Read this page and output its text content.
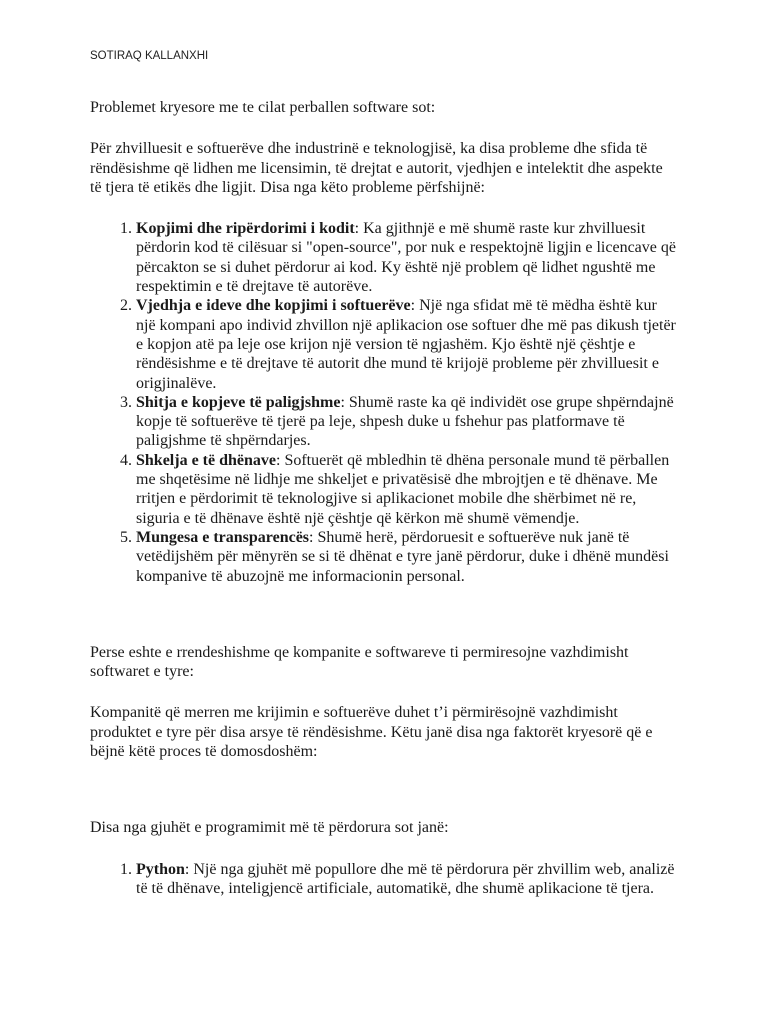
SOTIRAQ KALLANXHI

Problemet kryesore me te cilat perballen software sot:

Për zhvilluesit e softuerëve dhe industrinë e teknologjisë, ka disa probleme dhe sfida të rëndësishme që lidhen me licensimin, të drejtat e autorit, vjedhjen e intelektit dhe aspekte të tjera të etikës dhe ligjit. Disa nga këto probleme përfshijnë:

1. Kopjimi dhe ripërdorimi i kodit: Ka gjithnjë e më shumë raste kur zhvilluesit përdorin kod të cilësuar si "open-source", por nuk e respektojnë ligjin e licencave që përcakton se si duhet përdorur ai kod. Ky është një problem që lidhet ngushtë me respektimin e të drejtave të autorëve.
2. Vjedhja e ideve dhe kopjimi i softuerëve: Një nga sfidat më të mëdha është kur një kompani apo individ zhvillon një aplikacion ose softuer dhe më pas dikush tjetër e kopjon atë pa leje ose krijon një version të ngjashëm. Kjo është një çështje e rëndësishme e të drejtave të autorit dhe mund të krijojë probleme për zhvilluesit e origjinalëve.
3. Shitja e kopjeve të paligjshme: Shumë raste ka që individët ose grupe shpërndajnë kopje të softuerëve të tjerë pa leje, shpesh duke u fshehur pas platformave të paligjshme të shpërndarjes.
4. Shkelja e të dhënave: Softuerët që mbledhin të dhëna personale mund të përballen me shqetësime në lidhje me shkeljet e privatësisë dhe mbrojtjen e të dhënave. Me rritjen e përdorimit të teknologjive si aplikacionet mobile dhe shërbimet në re, siguria e të dhënave është një çështje që kërkon më shumë vëmendje.
5. Mungesa e transparencës: Shumë herë, përdoruesit e softuerëve nuk janë të vetëdijshëm për mënyrën se si të dhënat e tyre janë përdorur, duke i dhënë mundësi kompanive të abuzojnë me informacionin personal.

Perse eshte e rrendeshishme qe kompanite e softwareve ti permiresojne vazhdimisht softwaret e tyre:

Kompanitë që merren me krijimin e softuerëve duhet t’i përmirësojnë vazhdimisht produktet e tyre për disa arsye të rëndësishme. Këtu janë disa nga faktorët kryesorë që e bëjnë këtë proces të domosdoshëm:

Disa nga gjuhët e programimit më të përdorura sot janë:

1. Python: Një nga gjuhët më popullore dhe më të përdorura për zhvillim web, analizë të të dhënave, inteligjencë artificiale, automatikë, dhe shumë aplikacione të tjera.
